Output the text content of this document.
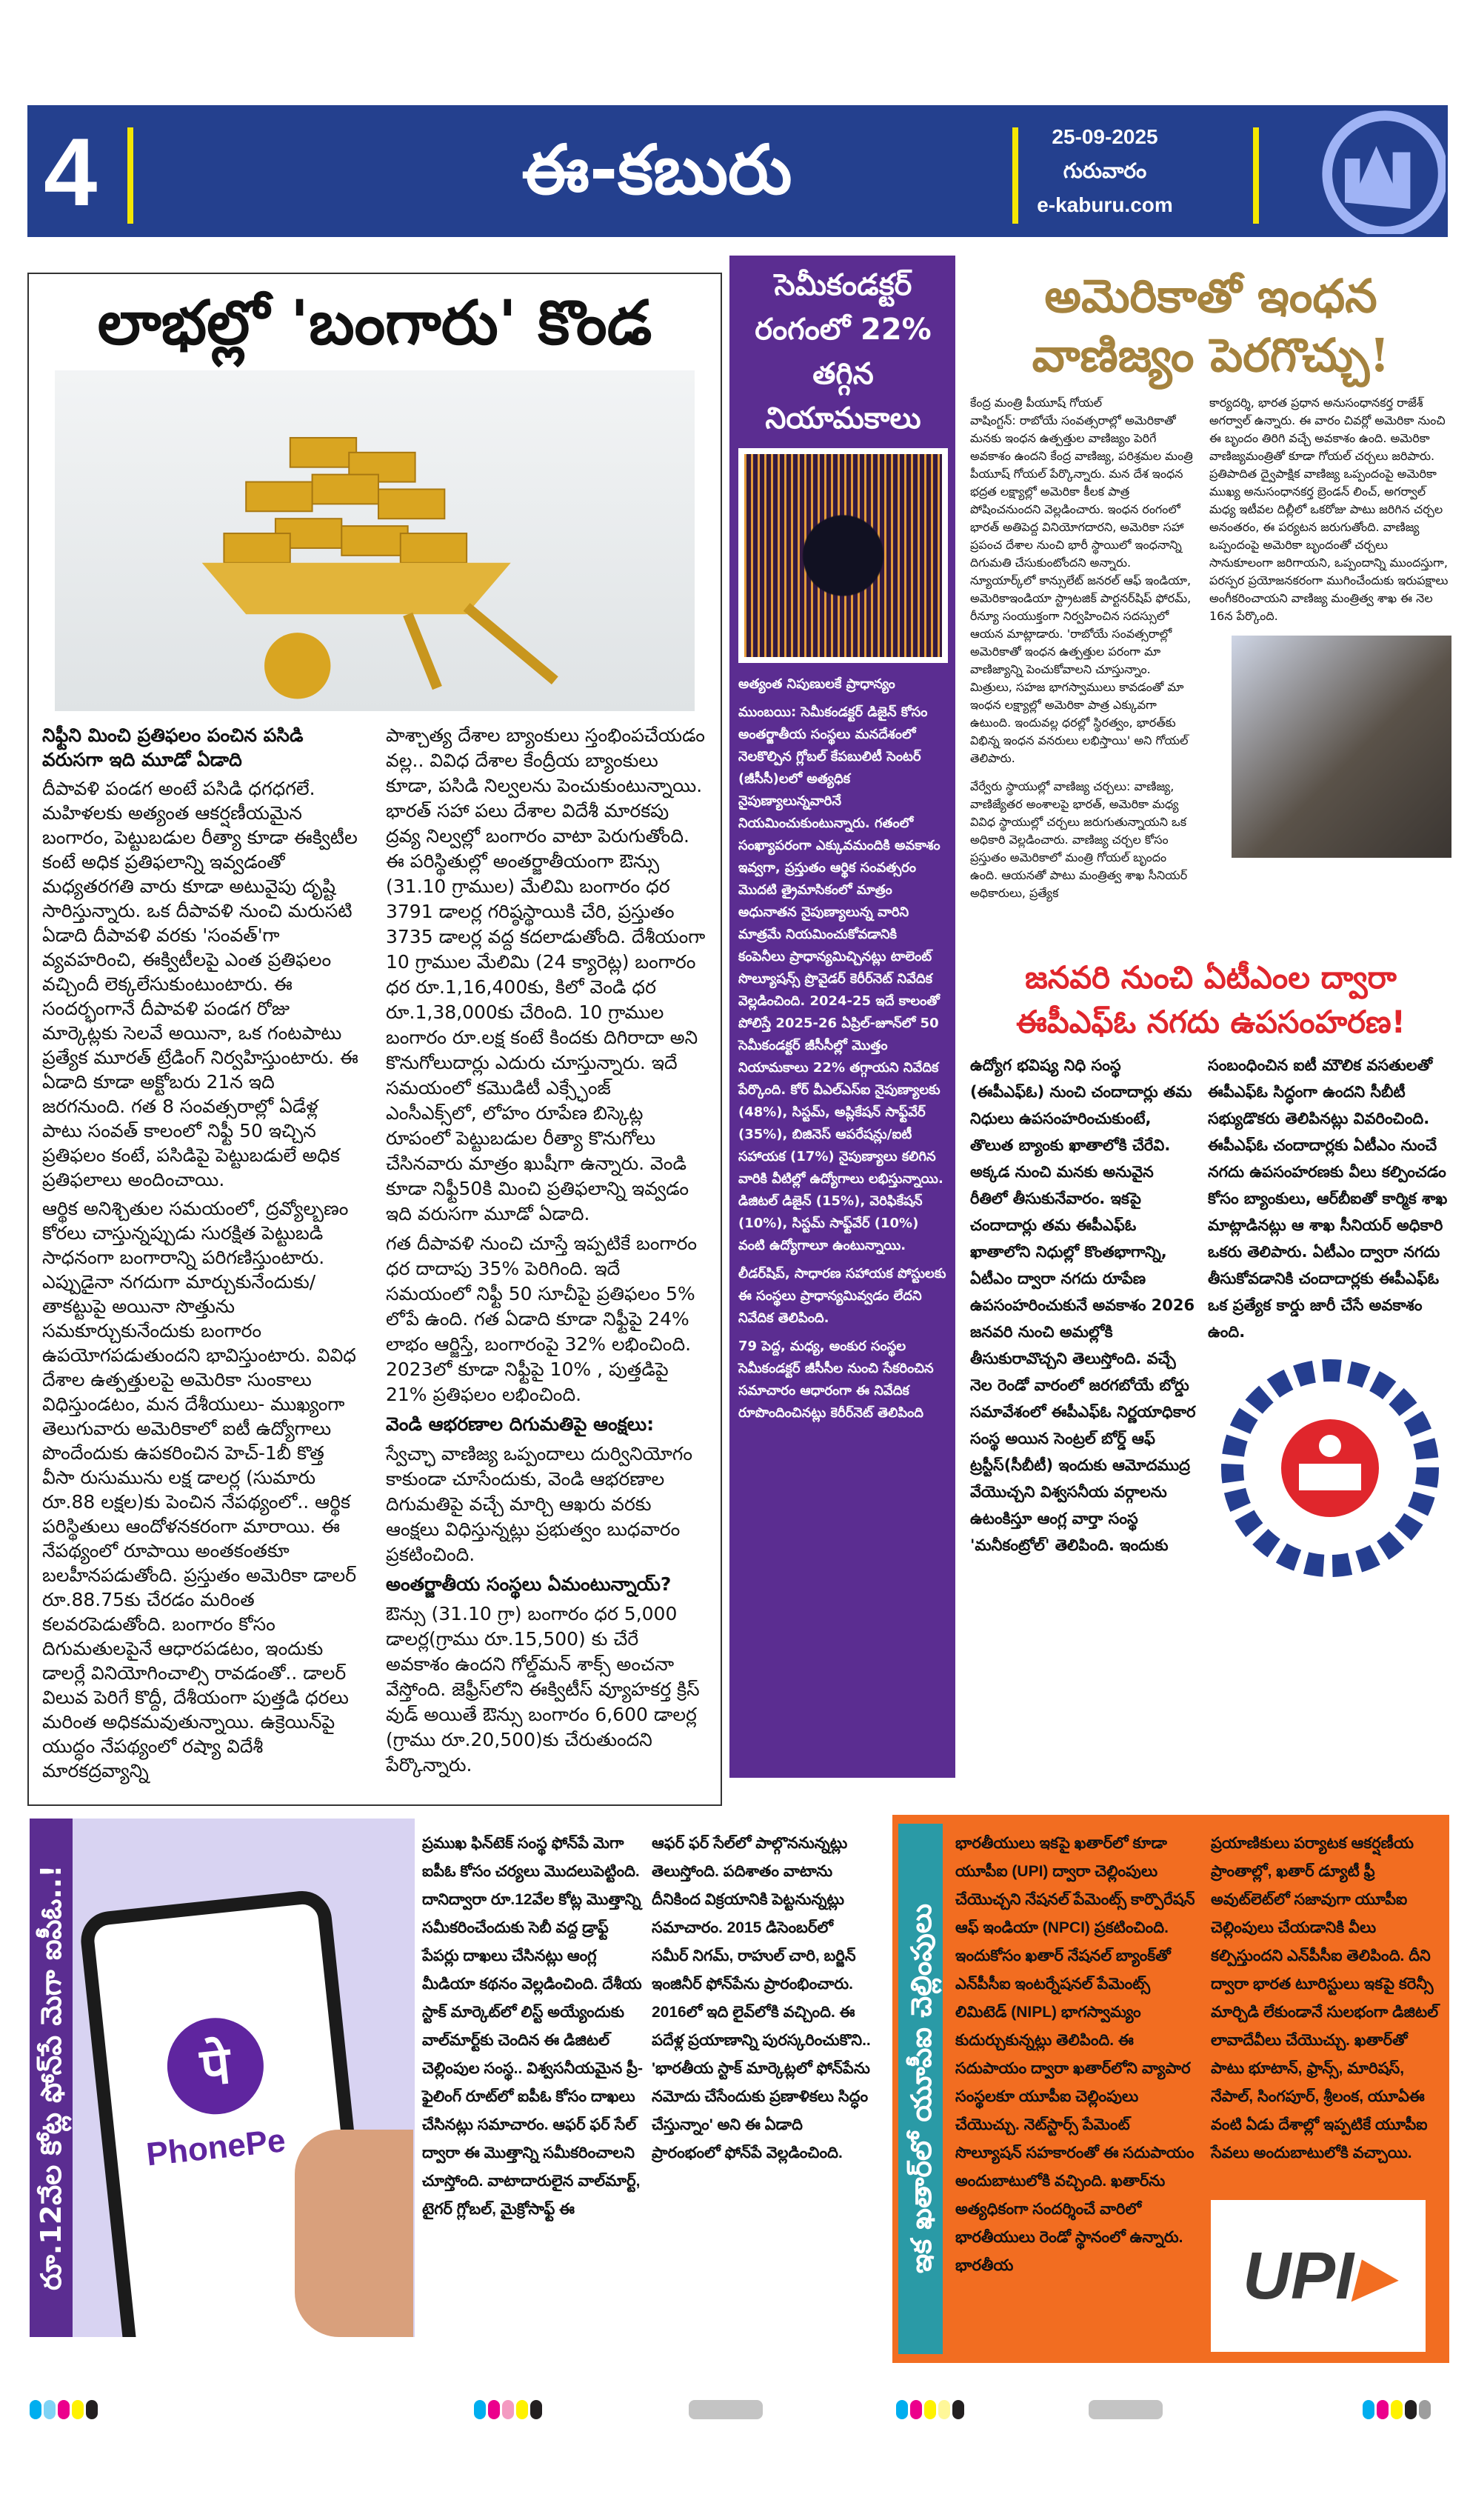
4	ఈ-కబురు	25-09-2025
గురువారం
e-kaburu.com
లాభల్లో 'బంగారు' కొండ

నిఫ్టీని మించి ప్రతిఫలం పంచిన పసిడి వరుసగా ఇది మూడో ఏడాది

దీపావళి పండగ అంటే పసిడి ధగధగలే. మహిళలకు అత్యంత ఆకర్షణీయమైన బంగారం, పెట్టుబడుల రీత్యా కూడా ఈక్విటీల కంటే అధిక ప్రతిఫలాన్ని ఇవ్వడంతో మధ్యతరగతి వారు కూడా అటువైపు దృష్టి సారిస్తున్నారు. ఒక దీపావళి నుంచి మరుసటి ఏడాది దీపావళి వరకు 'సంవత్'గా వ్యవహరించి, ఈక్విటీలపై ఎంత ప్రతిఫలం వచ్చిందీ లెక్కలేసుకుంటుంటారు. ఈ సందర్భంగానే దీపావళి పండగ రోజు మార్కెట్లకు సెలవే అయినా, ఒక గంటపాటు ప్రత్యేక మూరత్ ట్రేడింగ్ నిర్వహిస్తుంటారు. ఈ ఏడాది కూడా అక్టోబరు 21న ఇది జరగనుంది. గత 8 సంవత్సరాల్లో ఏడేళ్ల పాటు సంవత్ కాలంలో నిఫ్టీ 50 ఇచ్చిన ప్రతిఫలం కంటే, పసిడిపై పెట్టుబడులే అధిక ప్రతిఫలాలు అందించాయి.

ఆర్థిక అనిశ్చితుల సమయంలో, ద్రవ్యోల్బణం కోరలు చాస్తున్నప్పుడు సురక్షిత పెట్టుబడి సాధనంగా బంగారాన్ని పరిగణిస్తుంటారు. ఎప్పుడైనా నగదుగా మార్చుకునేందుకు/తాకట్టుపై అయినా సొత్తును సమకూర్చుకునేందుకు బంగారం ఉపయోగపడుతుందని భావిస్తుంటారు. వివిధ దేశాల ఉత్పత్తులపై అమెరికా సుంకాలు విధిస్తుండటం, మన దేశీయులు- ముఖ్యంగా తెలుగువారు అమెరికాలో ఐటీ ఉద్యోగాలు పొందేందుకు ఉపకరించిన హెచ్-1బీ కొత్త వీసా రుసుమును లక్ష డాలర్ల (సుమారు రూ.88 లక్షల)కు పెంచిన నేపథ్యంలో.. ఆర్థిక పరిస్థితులు ఆందోళనకరంగా మారాయి. ఈ నేపథ్యంలో రూపాయి అంతకంతకూ బలహీనపడుతోంది. ప్రస్తుతం అమెరికా డాలర్ రూ.88.75కు చేరడం మరింత కలవరపెడుతోంది. బంగారం కోసం దిగుమతులపైనే ఆధారపడటం, ఇందుకు డాలర్లే వినియోగించాల్సి రావడంతో.. డాలర్ విలువ పెరిగే కొద్దీ, దేశీయంగా పుత్తడి ధరలు మరింత అధికమవుతున్నాయి. ఉక్రెయిన్‌పై యుద్ధం నేపథ్యంలో రష్యా విదేశీ మారకద్రవ్యాన్ని

పాశ్చాత్య దేశాల బ్యాంకులు స్తంభింపచేయడం వల్ల.. వివిధ దేశాల కేంద్రీయ బ్యాంకులు కూడా, పసిడి నిల్వలను పెంచుకుంటున్నాయి. భారత్ సహా పలు దేశాల విదేశీ మారకపు ద్రవ్య నిల్వల్లో బంగారం వాటా పెరుగుతోంది. ఈ పరిస్థితుల్లో అంతర్జాతీయంగా ఔన్సు (31.10 గ్రాముల) మేలిమి బంగారం ధర 3791 డాలర్ల గరిష్ఠస్థాయికి చేరి, ప్రస్తుతం 3735 డాలర్ల వద్ద కదలాడుతోంది. దేశీయంగా 10 గ్రాముల మేలిమి (24 క్యారెట్ల) బంగారం ధర రూ.1,16,400కు, కిలో వెండి ధర రూ.1,38,000కు చేరింది. 10 గ్రాముల బంగారం రూ.లక్ష కంటే కిందకు దిగిరాదా అని కొనుగోలుదార్లు ఎదురు చూస్తున్నారు. ఇదే సమయంలో కమొడిటీ ఎక్స్ఛేంజ్ ఎంసీఎక్స్‌లో, లోహం రూపేణ బిస్కెట్ల రూపంలో పెట్టుబడుల రీత్యా కొనుగోలు చేసినవారు మాత్రం ఖుషీగా ఉన్నారు. వెండి కూడా నిఫ్టీ50కి మించి ప్రతిఫలాన్ని ఇవ్వడం ఇది వరుసగా మూడో ఏడాది.

గత దీపావళి నుంచి చూస్తే ఇప్పటికే బంగారం ధర దాదాపు 35% పెరిగింది. ఇదే సమయంలో నిఫ్టీ 50 సూచీపై ప్రతిఫలం 5% లోపే ఉంది. గత ఏడాది కూడా నిఫ్టీపై 24% లాభం ఆర్జిస్తే, బంగారంపై 32% లభించింది. 2023లో కూడా నిఫ్టీపై 10% , పుత్తడిపై 21% ప్రతిఫలం లభించింది.

వెండి ఆభరణాల దిగుమతిపై ఆంక్షలు:

స్వేచ్ఛా వాణిజ్య ఒప్పందాలు దుర్వినియోగం కాకుండా చూసేందుకు, వెండి ఆభరణాల దిగుమతిపై వచ్చే మార్చి ఆఖరు వరకు ఆంక్షలు విధిస్తున్నట్లు ప్రభుత్వం బుధవారం ప్రకటించింది.

అంతర్జాతీయ సంస్థలు ఏమంటున్నాయ్?

ఔన్సు (31.10 గ్రా) బంగారం ధర 5,000 డాలర్ల(గ్రాము రూ.15,500) కు చేరే అవకాశం ఉందని గోల్డ్‌మన్ శాక్స్ అంచనా వేస్తోంది. జెఫ్రీస్‌లోని ఈక్విటీస్ వ్యూహకర్త క్రిస్ వుడ్ అయితే ఔన్సు బంగారం 6,600 డాలర్ల (గ్రాము రూ.20,500)కు చేరుతుందని పేర్కొన్నారు.

సెమీకండక్టర్ రంగంలో 22% తగ్గిన నియామకాలు

అత్యంత నిపుణులకే ప్రాధాన్యం

ముంబయి: సెమీకండక్టర్ డిజైన్ కోసం అంతర్జాతీయ సంస్థలు మనదేశంలో నెలకొల్పిన గ్లోబల్ కేపబులిటీ సెంటర్ (జీసీసీ)లలో అత్యధిక నైపుణ్యాలున్నవారినే నియమించుకుంటున్నారు. గతంలో సంఖ్యాపరంగా ఎక్కువమందికి అవకాశం ఇవ్వగా, ప్రస్తుతం ఆర్థిక సంవత్సరం మొదటి త్రైమాసికంలో మాత్రం అధునాతన నైపుణ్యాలున్న వారిని మాత్రమే నియమించుకోవడానికి కంపెనీలు ప్రాధాన్యమిచ్చినట్లు టాలెంట్ సొల్యూషన్స్ ప్రొవైడర్ కెరీర్‌నెట్ నివేదిక వెల్లడించింది. 2024-25 ఇదే కాలంతో పోలిస్తే 2025-26 ఏప్రిల్-జూన్‌లో 50 సెమీకండక్టర్ జీసీసీల్లో మొత్తం నియామకాలు 22% తగ్గాయని నివేదిక పేర్కొంది. కోర్ వీఎల్ఎస్ఐ నైపుణ్యాలకు (48%), సిస్టమ్, అప్లికేషన్ సాఫ్ట్‌వేర్ (35%), బిజినెస్ ఆపరేషన్లు/ఐటీ సహాయక (17%) నైపుణ్యాలు కలిగిన వారికి వీటిల్లో ఉద్యోగాలు లభిస్తున్నాయి. డిజిటల్ డిజైన్ (15%), వెరిఫికేషన్ (10%), సిస్టమ్ సాఫ్ట్‌వేర్ (10%) వంటి ఉద్యోగాలూ ఉంటున్నాయి.

లీడర్‌షిప్, సాధారణ సహాయక పోస్టులకు ఈ సంస్థలు ప్రాధాన్యమివ్వడం లేదని నివేదిక తెలిపింది.

79 పెద్ద, మధ్య, అంకుర సంస్థల సెమీకండక్టర్ జీసీసీల నుంచి సేకరించిన సమాచారం ఆధారంగా ఈ నివేదిక రూపొందించినట్లు కెరీర్‌నెట్ తెలిపింది

అమెరికాతో ఇంధన వాణిజ్యం పెరగొచ్చు!

కేంద్ర మంత్రి పీయూష్ గోయల్

వాషింగ్టన్: రాబోయే సంవత్సరాల్లో అమెరికాతో మనకు ఇంధన ఉత్పత్తుల వాణిజ్యం పెరిగే అవకాశం ఉందని కేంద్ర వాణిజ్య, పరిశ్రమల మంత్రి పీయూష్ గోయల్ పేర్కొన్నారు. మన దేశ ఇంధన భద్రత లక్ష్యాల్లో అమెరికా కీలక పాత్ర పోషించనుందని వెల్లడించారు. ఇంధన రంగంలో భారత్ అతిపెద్ద వినియోగదారని, అమెరికా సహా ప్రపంచ దేశాల నుంచి భారీ స్థాయిలో ఇంధనాన్ని దిగుమతి చేసుకుంటోందని అన్నారు. న్యూయార్క్‌లో కాన్సులేట్ జనరల్ ఆఫ్ ఇండియా, అమెరికాఇండియా స్ట్రాటజిక్ పార్టనర్‌షిప్ ఫోరమ్, రీన్యూ సంయుక్తంగా నిర్వహించిన సదస్సులో ఆయన మాట్లాడారు. 'రాబోయే సంవత్సరాల్లో అమెరికాతో ఇంధన ఉత్పత్తుల పరంగా మా వాణిజ్యాన్ని పెంచుకోవాలని చూస్తున్నాం. మిత్రులు, సహజ భాగస్వాములు కావడంతో మా ఇంధన లక్ష్యాల్లో అమెరికా పాత్ర ఎక్కువగా ఉటుంది. ఇందువల్ల ధరల్లో స్థిరత్వం, భారత్‌కు విభిన్న ఇంధన వనరులు లభిస్తాయి' అని గోయల్ తెలిపారు.

వేర్వేరు స్థాయుల్లో వాణిజ్య చర్చలు: వాణిజ్య, వాణిజ్యేతర అంశాలపై భారత్, అమెరికా మధ్య వివిధ స్థాయుల్లో చర్చలు జరుగుతున్నాయని ఒక అధికారి వెల్లడించారు. వాణిజ్య చర్చల కోసం ప్రస్తుతం అమెరికాలో మంత్రి గోయల్ బృందం ఉంది. ఆయనతో పాటు మంత్రిత్వ శాఖ సీనియర్ అధికారులు, ప్రత్యేక

కార్యదర్శి, భారత ప్రధాన అనుసంధానకర్త రాజేశ్ అగర్వాల్ ఉన్నారు. ఈ వారం చివర్లో అమెరికా నుంచి ఈ బృందం తిరిగి వచ్చే అవకాశం ఉంది. అమెరికా వాణిజ్యమంత్రితో కూడా గోయల్ చర్చలు జరిపారు. ప్రతిపాదిత ద్వైపాక్షిక వాణిజ్య ఒప్పందంపై అమెరికా ముఖ్య అనుసంధానకర్త బ్రెండన్ లించ్, అగర్వాల్ మధ్య ఇటీవల దిల్లీలో ఒకరోజు పాటు జరిగిన చర్చల అనంతరం, ఈ పర్యటన జరుగుతోంది. వాణిజ్య ఒప్పందంపై అమెరికా బృందంతో చర్చలు సానుకూలంగా జరిగాయని, ఒప్పందాన్ని ముందస్తుగా, పరస్పర ప్రయోజనకరంగా ముగించేందుకు ఇరుపక్షాలు అంగీకరించాయని వాణిజ్య మంత్రిత్వ శాఖ ఈ నెల 16న పేర్కొంది.

జనవరి నుంచి ఏటీఎంల ద్వారా ఈపీఎఫ్ఓ నగదు ఉపసంహరణ!
ఉద్యోగ భవిష్య నిధి సంస్థ (ఈపీఎఫ్ఓ) నుంచి చందాదార్లు తమ నిధులు ఉపసంహరించుకుంటే, తొలుత బ్యాంకు ఖాతాలోకి చేరేవి. అక్కడ నుంచి మనకు అనువైన రీతిలో తీసుకునేవారం. ఇకపై చందాదార్లు తమ ఈపీఎఫ్ఓ ఖాతాలోని నిధుల్లో కొంతభాగాన్ని, ఏటీఎం ద్వారా నగదు రూపేణ ఉపసంహరించుకునే అవకాశం 2026 జనవరి నుంచి అమల్లోకి తీసుకురావొచ్చని తెలుస్తోంది. వచ్చే నెల రెండో వారంలో జరగబోయే బోర్డు సమావేశంలో ఈపీఎఫ్ఓ నిర్ణయాధికార సంస్థ అయిన సెంట్రల్ బోర్డ్ ఆఫ్ ట్రస్టీస్(సీబీటీ) ఇందుకు ఆమోదముద్ర వేయొచ్చని విశ్వసనీయ వర్గాలను ఉటంకిస్తూ ఆంగ్ల వార్తా సంస్థ 'మనీకంట్రోల్' తెలిపింది. ఇందుకు
సంబంధించిన ఐటీ మౌలిక వసతులతో ఈపీఎఫ్ఓ సిద్ధంగా ఉందని సీబీటీ సభ్యుడొకరు తెలిపినట్లు వివరించింది. ఈపీఎఫ్ఓ చందాదార్లకు ఏటీఎం నుంచే నగదు ఉపసంహరణకు వీలు కల్పించడం కోసం బ్యాంకులు, ఆర్‌బీఐతో కార్మిక శాఖ మాట్లాడినట్లు ఆ శాఖ సీనియర్ అధికారి ఒకరు తెలిపారు. ఏటీఎం ద్వారా నగదు తీసుకోవడానికి చందాదార్లకు ఈపీఎఫ్ఓ ఒక ప్రత్యేక కార్డు జారీ చేసే అవకాశం ఉంది.
पे
PhonePe
రూ.12వేల కోట్ల ఫోన్‌పే మెగా ఐపీఓ..!
ప్రముఖ ఫిన్‌టెక్ సంస్థ ఫోన్‌పే మెగా ఐపీఓ కోసం చర్యలు మొదలుపెట్టింది. దానిద్వారా రూ.12వేల కోట్ల మొత్తాన్ని సమీకరించేందుకు సెబీ వద్ద డ్రాఫ్ట్ పేపర్లు దాఖలు చేసినట్లు ఆంగ్ల మీడియా కథనం వెల్లడించింది. దేశీయ స్టాక్ మార్కెట్‌లో లిస్ట్ అయ్యేందుకు వాల్‌మార్ట్‌కు చెందిన ఈ డిజిటల్ చెల్లింపుల సంస్థ.. విశ్వసనీయమైన ప్రీ-ఫైలింగ్ రూట్‌లో ఐపీఓ కోసం దాఖలు చేసినట్లు సమాచారం. ఆఫర్ ఫర్ సేల్ ద్వారా ఈ మొత్తాన్ని సమీకరించాలని చూస్తోంది. వాటాదారులైన వాల్‌మార్ట్, టైగర్ గ్లోబల్, మైక్రోసాఫ్ట్ ఈ
ఆఫర్ ఫర్ సేల్‌లో పాల్గొననున్నట్లు తెలుస్తోంది. పదిశాతం వాటాను దీనికింద విక్రయానికి పెట్టనున్నట్లు సమాచారం. 2015 డిసెంబర్‌లో సమీర్ నిగమ్, రాహుల్ చారి, బర్జిన్ ఇంజినీర్ ఫోన్‌పేను ప్రారంభించారు. 2016లో ఇది లైవ్‌లోకి వచ్చింది. ఈ పదేళ్ల ప్రయాణాన్ని పురస్కరించుకొని.. 'భారతీయ స్టాక్ మార్కెట్లలో ఫోన్‌పేను నమోదు చేసేందుకు ప్రణాళికలు సిద్ధం చేస్తున్నాం' అని ఈ ఏడాది ప్రారంభంలో ఫోన్‌పే వెల్లడించింది.	ఇక ఖతార్‌లో యూపీఐ చెల్లింపులు
భారతీయులు ఇకపై ఖతార్‌లో కూడా యూపీఐ (UPI) ద్వారా చెల్లింపులు చేయొచ్చని నేషనల్ పేమెంట్స్ కార్పొరేషన్ ఆఫ్ ఇండియా (NPCI) ప్రకటించింది. ఇందుకోసం ఖతార్ నేషనల్ బ్యాంక్‌తో ఎన్‌పీసీఐ ఇంటర్నేషనల్ పేమెంట్స్ లిమిటెడ్ (NIPL) భాగస్వామ్యం కుదుర్చుకున్నట్లు తెలిపింది. ఈ సదుపాయం ద్వారా ఖతార్‌లోని వ్యాపార సంస్థలకూ యూపీఐ చెల్లింపులు చేయొచ్చు. నెట్‌స్టార్స్ పేమెంట్ సొల్యూషన్ సహకారంతో ఈ సదుపాయం అందుబాటులోకి వచ్చింది. ఖతార్‌ను అత్యధికంగా సందర్శించే వారిలో భారతీయులు రెండో స్థానంలో ఉన్నారు. భారతీయ
ప్రయాణికులు పర్యాటక ఆకర్షణీయ ప్రాంతాల్లో, ఖతార్ డ్యూటీ ఫ్రీ అవుట్‌లెట్‌లో సజావుగా యూపీఐ చెల్లింపులు చేయడానికి వీలు కల్పిస్తుందని ఎన్‌పీసీఐ తెలిపింది. దీని ద్వారా భారత టూరిస్టులు ఇకపై కరెన్సీ మార్చిడి లేకుండానే సులభంగా డిజిటల్ లావాదేవీలు చేయొచ్చు. ఖతార్‌తో పాటు భూటాన్, ఫ్రాన్స్, మారిషస్, నేపాల్, సింగపూర్, శ్రీలంక, యూఏఈ వంటి ఏడు దేశాల్లో ఇప్పటికే యూపీఐ సేవలు అందుబాటులోకి వచ్చాయి.
UPI ▶
